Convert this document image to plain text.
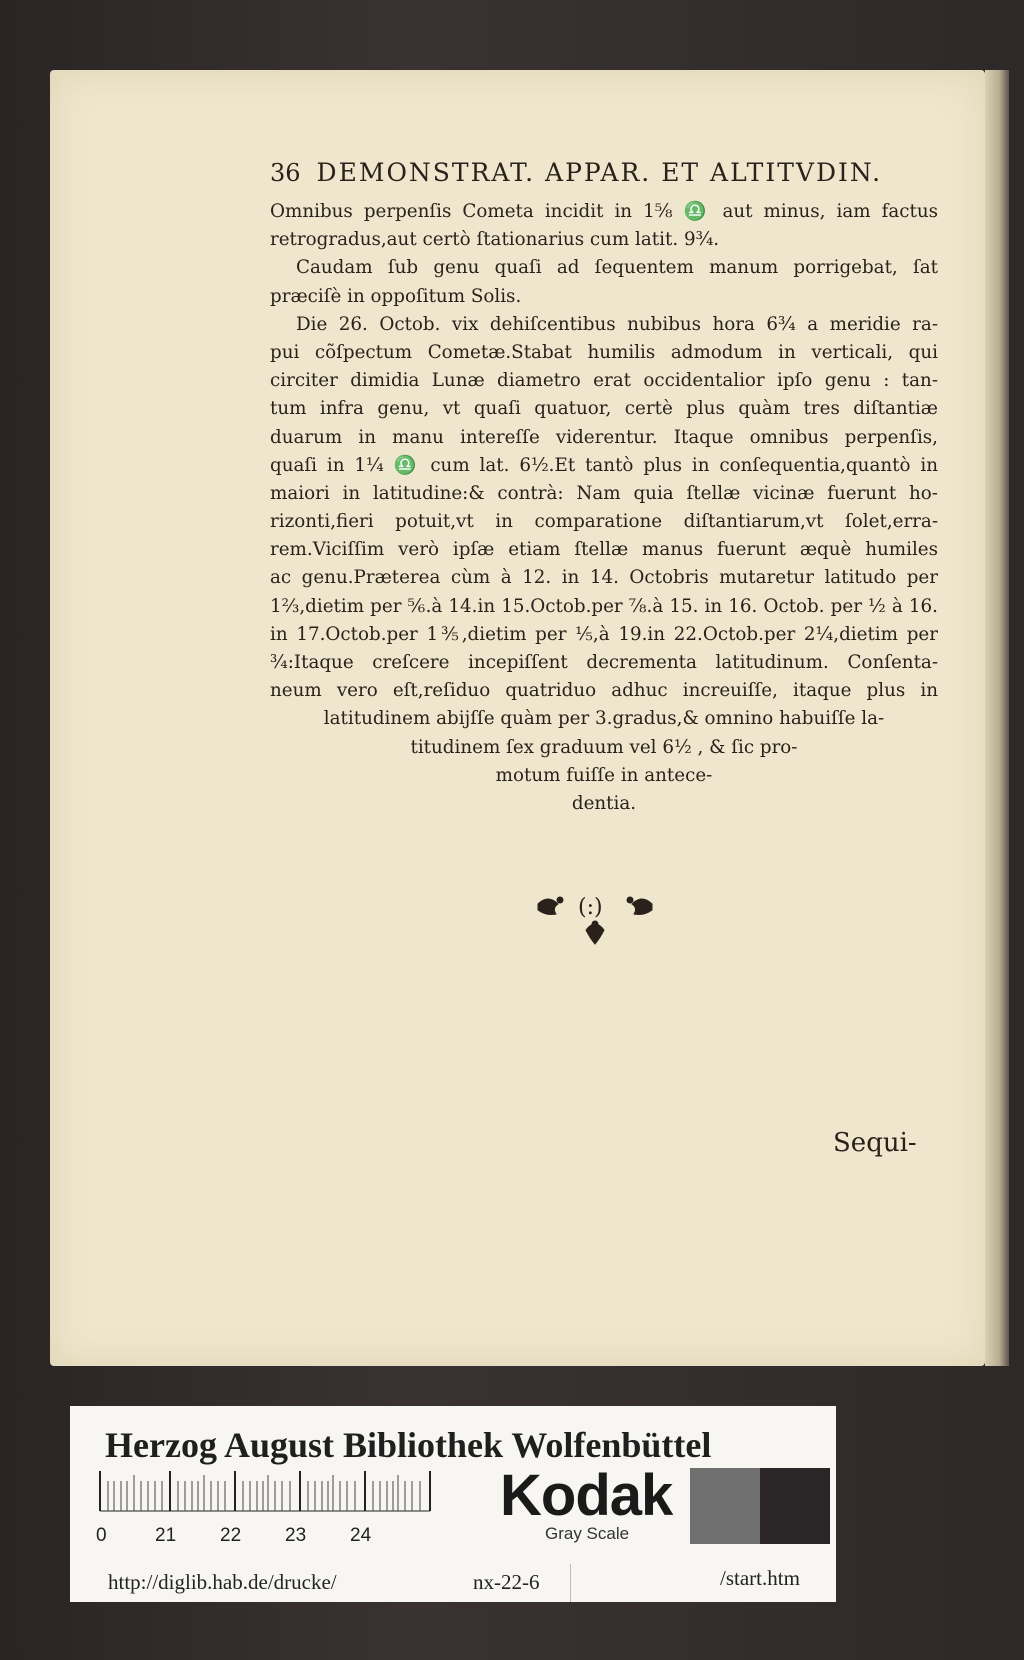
36 DEMONSTRAT. APPAR. ET ALTITVDIN.
Omnibus perpenſis Cometa incidit in 1⅝ ♎ aut minus, iam factus
retrogradus,aut certò ſtationarius cum latit. 9¾.
Caudam ſub genu quaſi ad ſequentem manum porrigebat, ſat
præciſè in oppoſitum Solis.
Die 26. Octob. vix dehiſcentibus nubibus hora 6¾ a meridie ra-
pui cõſpectum Cometæ.Stabat humilis admodum in verticali, qui
circiter dimidia Lunæ diametro erat occidentalior ipſo genu : tan-
tum infra genu, vt quaſi quatuor, certè plus quàm tres diſtantiæ
duarum in manu intereſſe viderentur. Itaque omnibus perpenſis,
quaſi in 1¼ ♎ cum lat. 6½.Et tantò plus in conſequentia,quantò in
maiori in latitudine:& contrà: Nam quia ſtellæ vicinæ fuerunt ho-
rizonti,fieri potuit,vt in comparatione diſtantiarum,vt ſolet,erra-
rem.Viciſſim verò ipſæ etiam ſtellæ manus fuerunt æquè humiles
ac genu.Præterea cùm à 12. in 14. Octobris mutaretur latitudo per
1⅔,dietim per ⅚.à 14.in 15.Octob.per ⅞.à 15. in 16. Octob. per ½ à 16.
in 17.Octob.per 1⅗,dietim per ⅕,à 19.in 22.Octob.per 2¼,dietim per
¾:Itaque creſcere incepiſſent decrementa latitudinum. Conſenta-
neum vero eſt,reſiduo quatriduo adhuc increuiſſe, itaque plus in
latitudinem abijſſe quàm per 3.gradus,& omnino habuiſſe la-
titudinem ſex graduum vel 6½ , & ſic pro-
motum fuiſſe in antece-
dentia.
(:)
Sequi-
Herzog August Bibliothek Wolfenbüttel
0	21 22 23 24
Kodak
Gray Scale
http://diglib.hab.de/drucke/	nx-22-6	/start.htm
